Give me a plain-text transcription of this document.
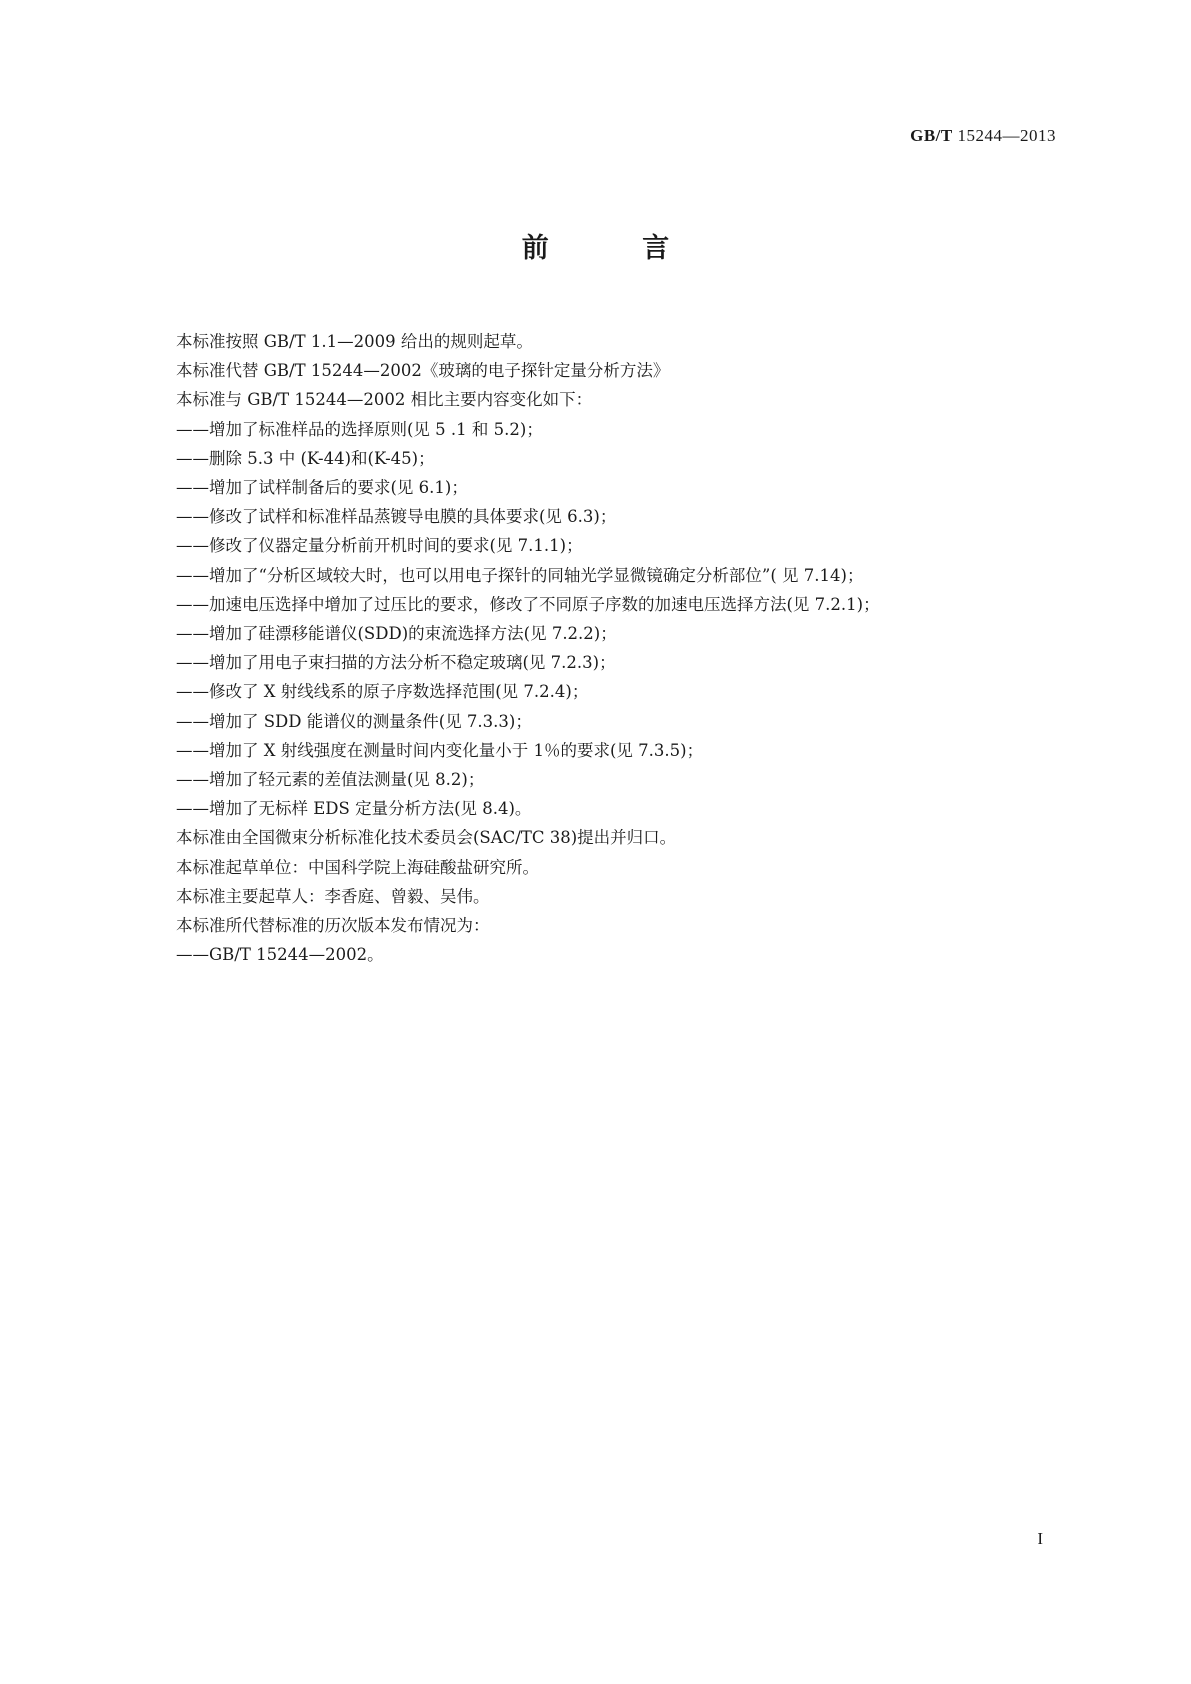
GB/T 15244—2013
前 言
本标准按照 GB/T 1.1—2009 给出的规则起草。
本标准代替 GB/T 15244—2002《玻璃的电子探针定量分析方法》
本标准与 GB/T 15244—2002 相比主要内容变化如下：
——增加了标准样品的选择原则(见 5 .1 和 5.2)；
——删除 5.3 中 (K-44)和(K-45)；
——增加了试样制备后的要求(见 6.1)；
——修改了试样和标准样品蒸镀导电膜的具体要求(见 6.3)；
——修改了仪器定量分析前开机时间的要求(见 7.1.1)；
——增加了“分析区域较大时，也可以用电子探针的同轴光学显微镜确定分析部位”( 见 7.14)；
——加速电压选择中增加了过压比的要求，修改了不同原子序数的加速电压选择方法(见 7.2.1)；
——增加了硅漂移能谱仪(SDD)的束流选择方法(见 7.2.2)；
——增加了用电子束扫描的方法分析不稳定玻璃(见 7.2.3)；
——修改了 X 射线线系的原子序数选择范围(见 7.2.4)；
——增加了 SDD 能谱仪的测量条件(见 7.3.3)；
——增加了 X 射线强度在测量时间内变化量小于 1％的要求(见 7.3.5)；
——增加了轻元素的差值法测量(见 8.2)；
——增加了无标样 EDS 定量分析方法(见 8.4)。
本标准由全国微束分析标准化技术委员会(SAC/TC 38)提出并归口。
本标准起草单位：中国科学院上海硅酸盐研究所。
本标准主要起草人：李香庭、曾毅、吴伟。
本标准所代替标准的历次版本发布情况为：
——GB/T 15244—2002。
I
